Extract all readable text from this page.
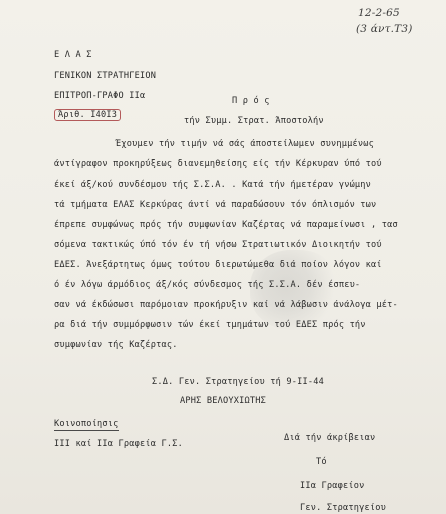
12-2-65
(3 άντ.Τ3)
Ε Λ Α Σ
ΓΕΝΙΚΟΝ ΣΤΡΑΤΗΓΕΙΟΝ
ΕΠΙΤΡΟΠ-ΓΡΑΦΟ ΙΙα
Άριθ. Ι40Ι3
Π ρ ό ς
τήν Συμμ. Στρατ. Άποστολήν
Έχουμεν τήν τιμήν νά σάς άποστείλωμεν συνημμένως
άντίγραφον προκηρύξεως διανεμηθείσης είς τήν Κέρκυραν ύπό τού
έκεί άξ/κού συνδέσμου τής Σ.Σ.Α. . Κατά τήν ήμετέραν γνώμην
τά τμήματα ΕΛΑΣ Κερκύρας άντί νά παραδώσουν τόν όπλισμόν των
έπρεπε συμφώνως πρός τήν συμφωνίαν Καζέρτας νά παραμείνωσι , τασ
σόμενα τακτικώς ύπό τόν έν τή νήσω Στρατιωτικόν Διοικητήν τού
ΕΔΕΣ. Άνεξάρτητως όμως τούτου διερωτώμεθα διά ποίον λόγον καί
ό έν λόγω άρμόδιος άξ/κός σύνδεσμος τής Σ.Σ.Α. δέν έσπευ-
σαν νά έκδώσωσι παρόμοιαν προκήρυξιν καί νά λάβωσιν άνάλογα μέτ-
ρα διά τήν συμμόρφωσιν τών έκεί τμημάτων τού ΕΔΕΣ πρός τήν
συμφωνίαν τής Καζέρτας.
Σ.Δ. Γεν. Στρατηγείου τή 9-ΙΙ-44
ΑΡΗΣ ΒΕΛΟΥΧΙΩΤΗΣ
Κοινοποίησις
ΙΙΙ καί ΙΙα Γραφεία Γ.Σ.
Διά τήν άκρίβειαν
Τό
ΙΙα Γραφείον
Γεν. Στρατηγείου
